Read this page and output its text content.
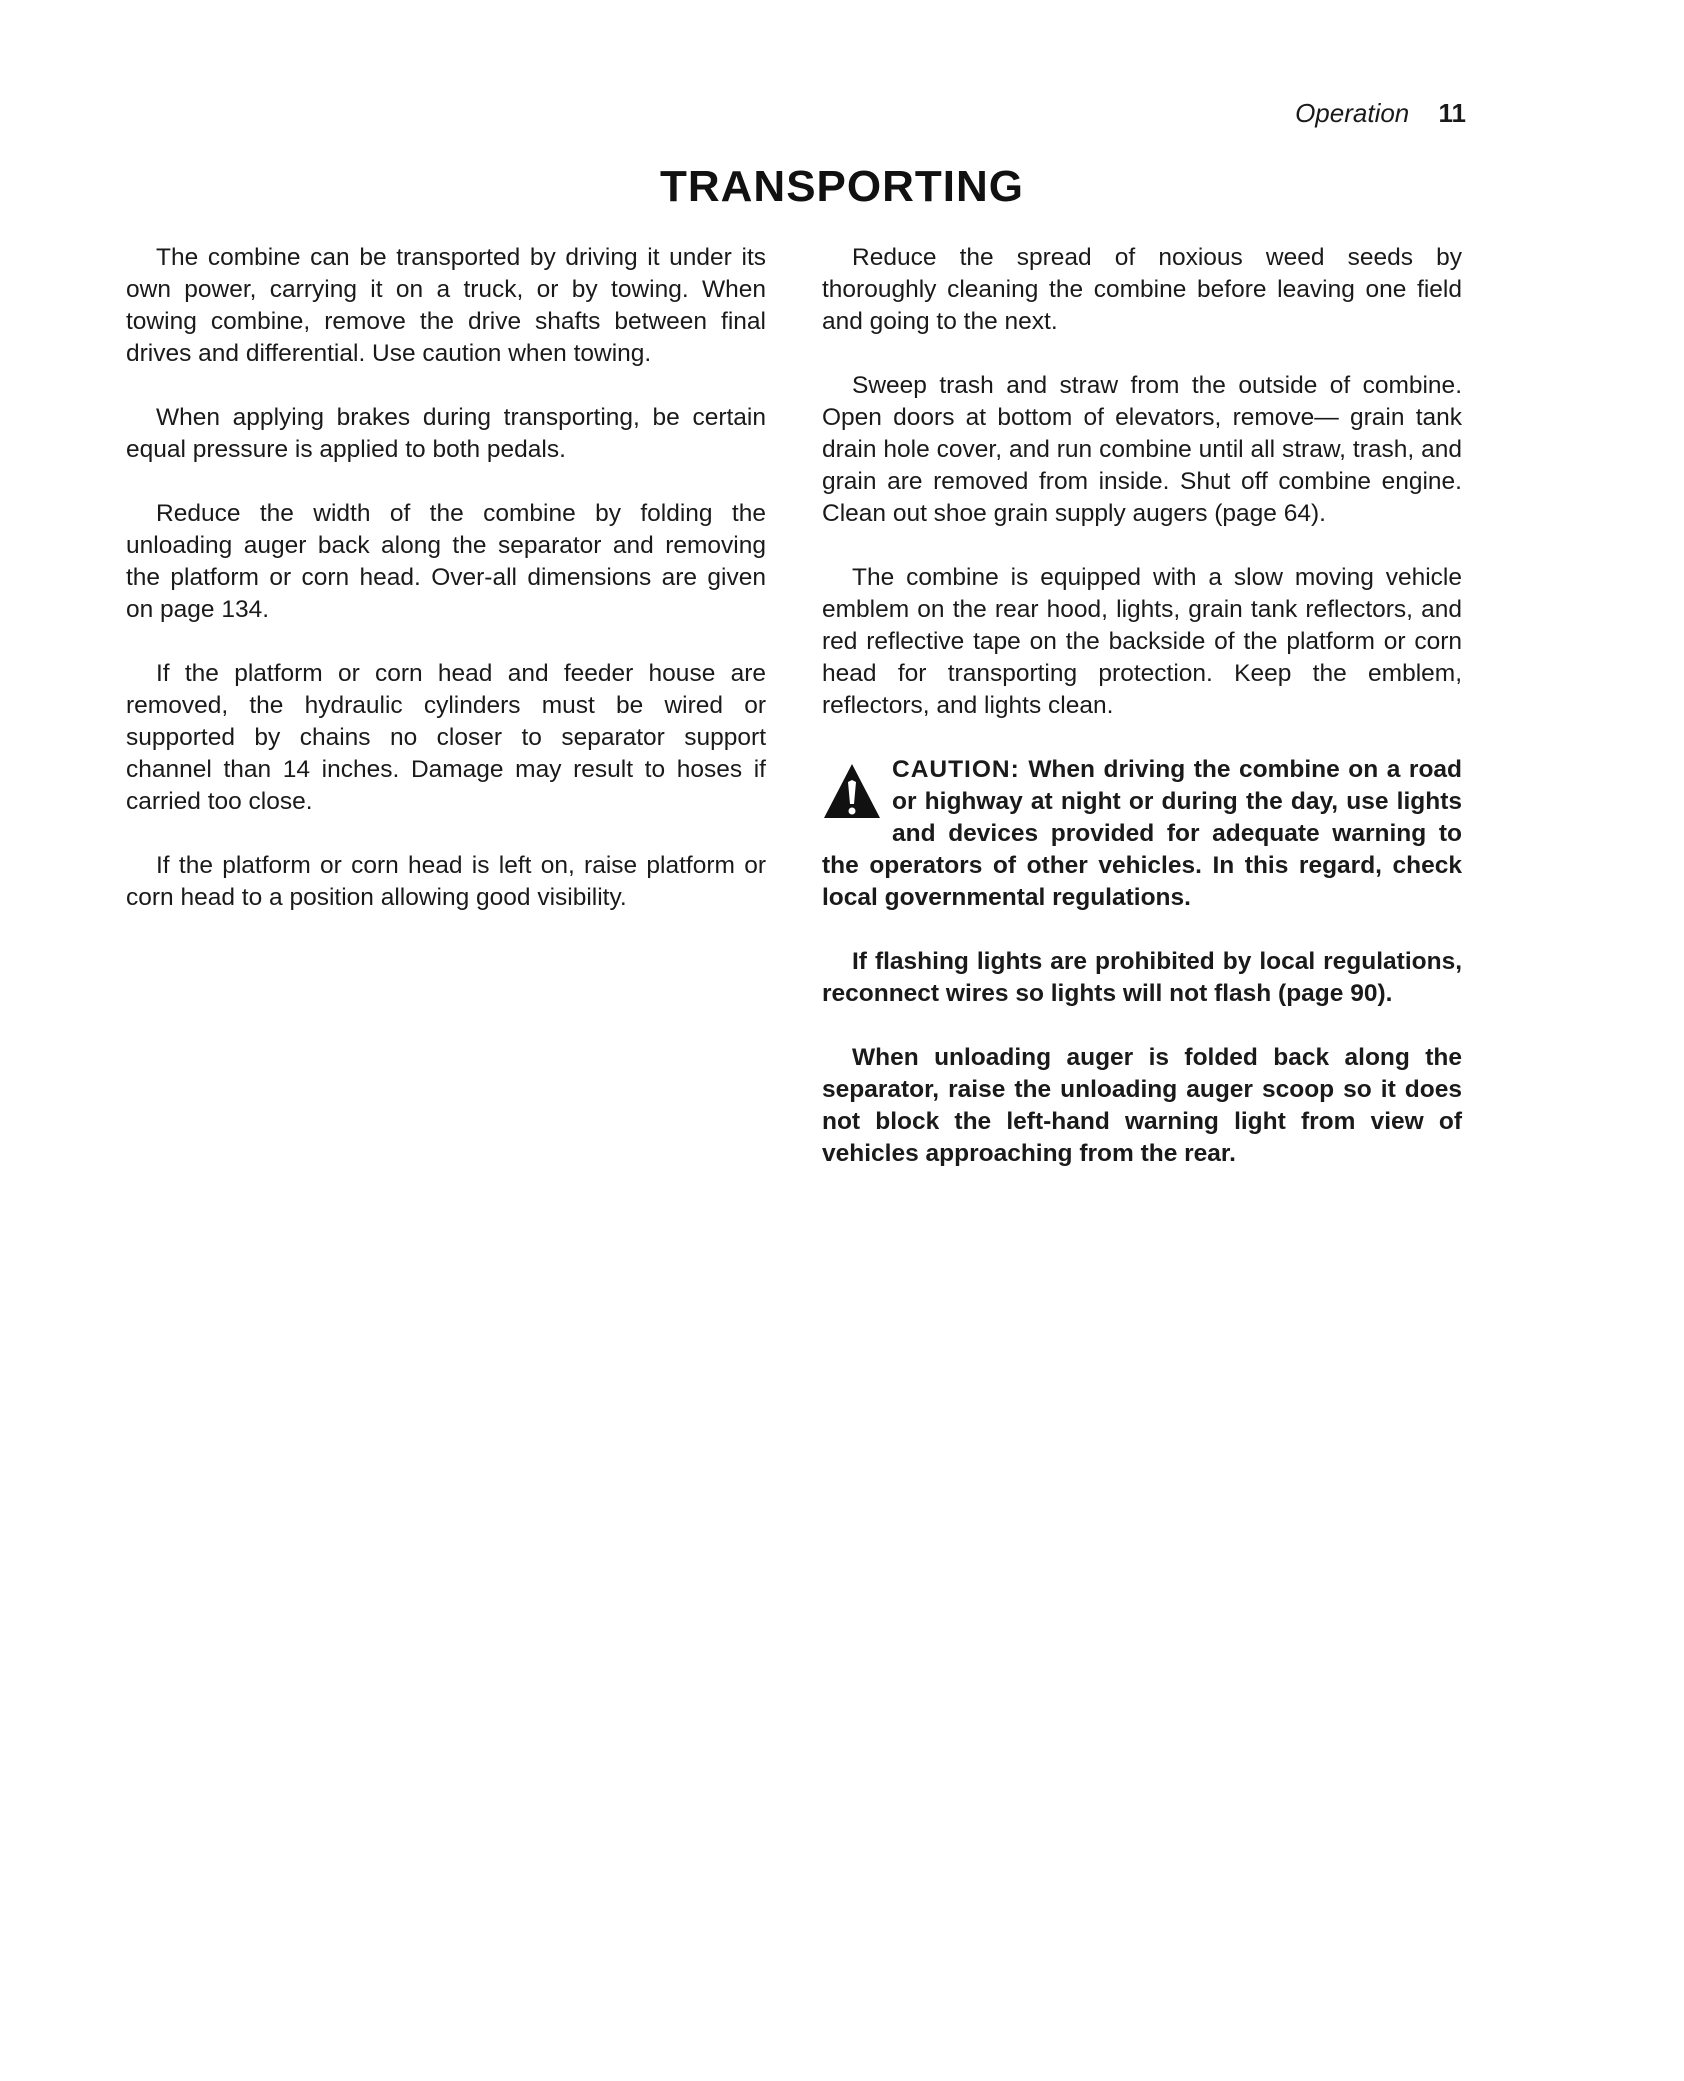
Operation 11
TRANSPORTING

The combine can be transported by driving it under its own power, carrying it on a truck, or by towing. When towing combine, remove the drive shafts between final drives and differential. Use caution when towing.

When applying brakes during transporting, be certain equal pressure is applied to both pedals.

Reduce the width of the combine by folding the unloading auger back along the separator and removing the platform or corn head. Over-all dimensions are given on page 134.

If the platform or corn head and feeder house are removed, the hydraulic cylinders must be wired or supported by chains no closer to separator support channel than 14 inches. Damage may result to hoses if carried too close.

If the platform or corn head is left on, raise platform or corn head to a position allowing good visibility.

Reduce the spread of noxious weed seeds by thoroughly cleaning the combine before leaving one field and going to the next.

Sweep trash and straw from the outside of combine. Open doors at bottom of elevators, remove— grain tank drain hole cover, and run combine until all straw, trash, and grain are removed from inside. Shut off combine engine. Clean out shoe grain supply augers (page 64).

The combine is equipped with a slow moving vehicle emblem on the rear hood, lights, grain tank reflectors, and red reflective tape on the backside of the platform or corn head for transporting protection. Keep the emblem, reflectors, and lights clean.

CAUTION: When driving the combine on a road or highway at night or during the day, use lights and devices provided for adequate warning to the operators of other vehicles. In this regard, check local governmental regulations.

If flashing lights are prohibited by local regulations, reconnect wires so lights will not flash (page 90).

When unloading auger is folded back along the separator, raise the unloading auger scoop so it does not block the left-hand warning light from view of vehicles approaching from the rear.
